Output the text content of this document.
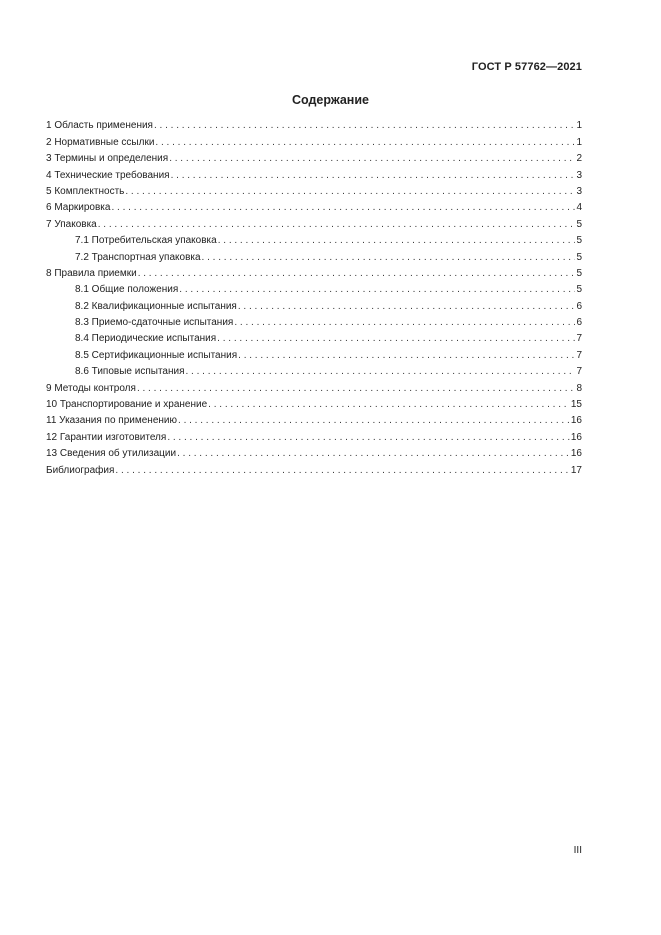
ГОСТ Р 57762—2021
Содержание
1 Область применения . . .	1
2 Нормативные ссылки . . .	1
3 Термины и определения . . .	2
4 Технические требования . . .	3
5 Комплектность . . .	3
6 Маркировка . . .	4
7 Упаковка . . .	5
7.1 Потребительская упаковка . . .	5
7.2 Транспортная упаковка . . .	5
8 Правила приемки . . .	5
8.1 Общие положения . . .	5
8.2 Квалификационные испытания . . .	6
8.3 Приемо-сдаточные испытания . . .	6
8.4 Периодические испытания . . .	7
8.5 Сертификационные испытания . . .	7
8.6 Типовые испытания . . .	7
9 Методы контроля . . .	8
10 Транспортирование и хранение . . .	15
11 Указания по применению . . .	16
12 Гарантии изготовителя . . .	16
13 Сведения об утилизации . . .	16
Библиография . . .	17
III
